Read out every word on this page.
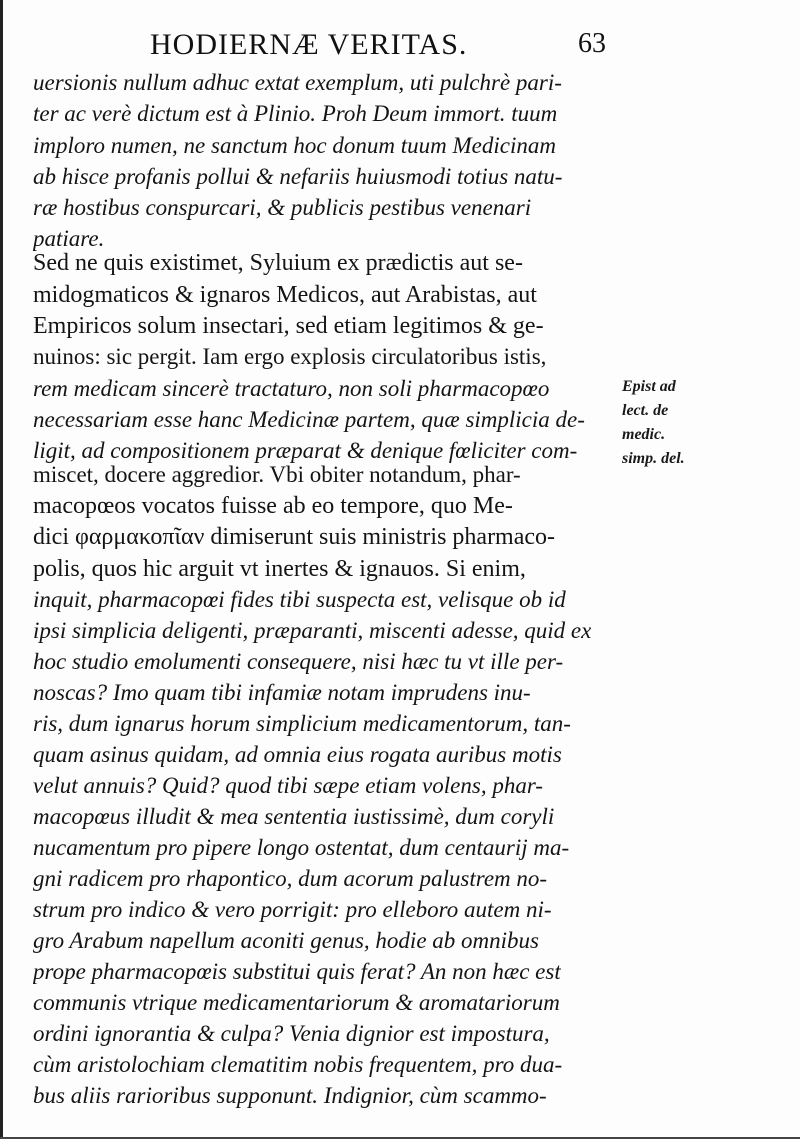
HODIERNÆ VERITAS.	63
uersionis nullum adhuc extat exemplum, uti pulchrè pari-
ter ac verè dictum est à Plinio. Proh Deum immort. tuum
imploro numen, ne sanctum hoc donum tuum Medicinam
ab hisce profanis pollui & nefariis huiusmodi totius natu-
ræ hostibus conspurcari, & publicis pestibus venenari
patiare.
Sed ne quis existimet, Syluium ex prædictis aut se-
midogmaticos & ignaros Medicos, aut Arabistas, aut
Empiricos solum insectari, sed etiam legitimos & ge-
nuinos: sic pergit. Iam ergo explosis circulatoribus istis,
rem medicam sincerè tractaturo, non soli pharmacopœo
necessariam esse hanc Medicinæ partem, quæ simplicia de-
ligit, ad compositionem præparat & denique fœliciter com-
miscet, docere aggredior. Vbi obiter notandum, phar-
macopœos vocatos fuisse ab eo tempore, quo Me-
dici φαρμακοπῖαν dimiserunt suis ministris pharmaco-
polis, quos hic arguit vt inertes & ignauos. Si enim,
inquit, pharmacopœi fides tibi suspecta est, velisque ob id
ipsi simplicia deligenti, præparanti, miscenti adesse, quid ex
hoc studio emolumenti consequere, nisi hæc tu vt ille per-
noscas? Imo quam tibi infamiæ notam imprudens inu-
ris, dum ignarus horum simplicium medicamentorum, tan-
quam asinus quidam, ad omnia eius rogata auribus motis
velut annuis? Quid? quod tibi sæpe etiam volens, phar-
macopœus illudit & mea sententia iustissimè, dum coryli
nucamentum pro pipere longo ostentat, dum centaurij ma-
gni radicem pro rhapontico, dum acorum palustrem no-
strum pro indico & vero porrigit: pro elleboro autem ni-
gro Arabum napellum aconiti genus, hodie ab omnibus
prope pharmacopœis substitui quis ferat? An non hæc est
communis vtrique medicamentariorum & aromatariorum
ordini ignorantia & culpa? Venia dignior est impostura,
cùm aristolochiam clematitim nobis frequentem, pro dua-
bus aliis rarioribus supponunt. Indignior, cùm scammo-
Epist ad
lect. de
medic.
simp. del.
